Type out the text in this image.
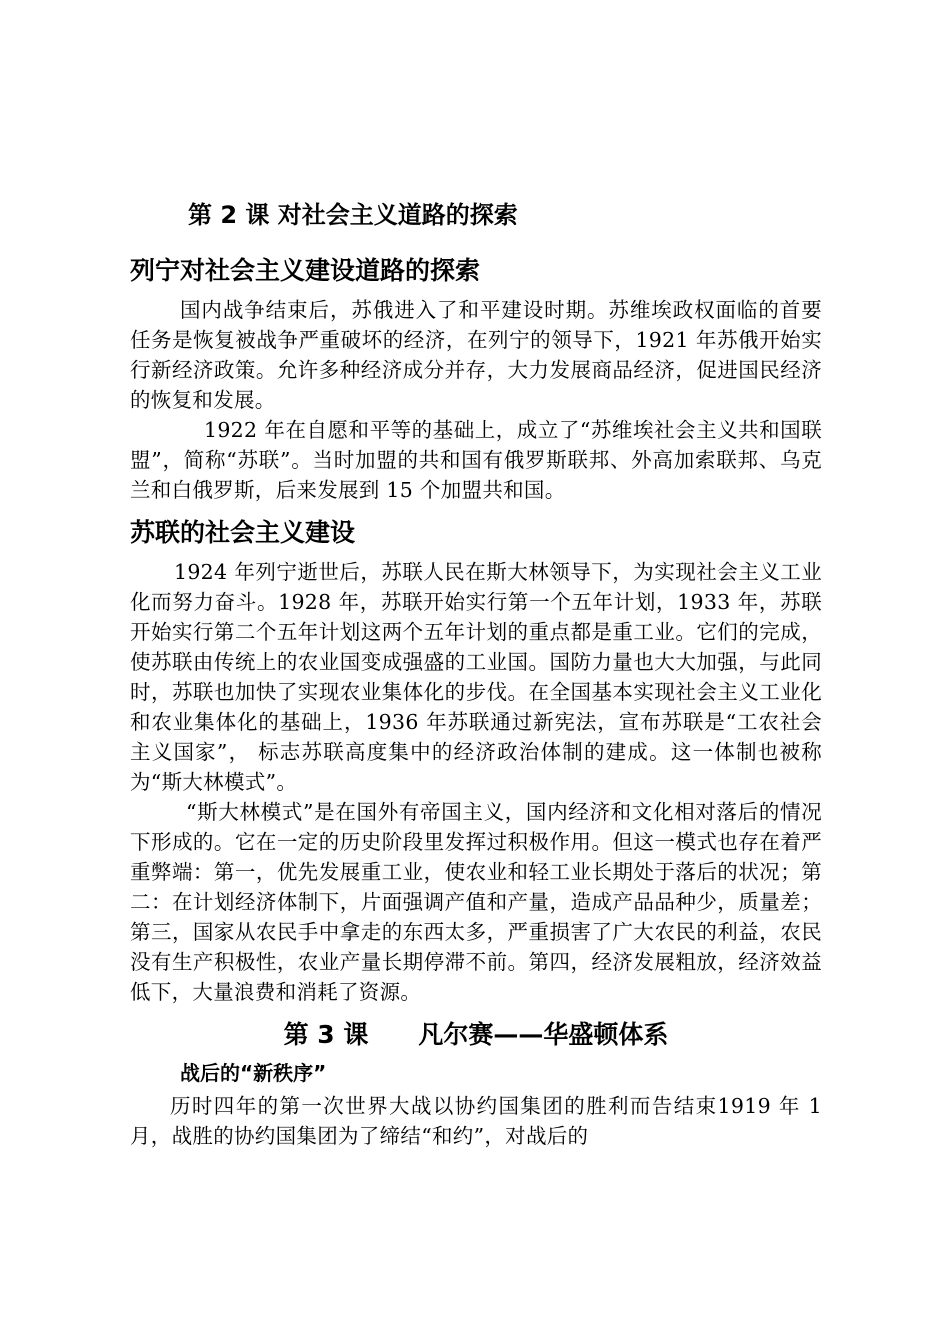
第 2 课 对社会主义道路的探索
列宁对社会主义建设道路的探索

国内战争结束后，苏俄进入了和平建设时期。苏维埃政权面临的首要任务是恢复被战争严重破坏的经济，在列宁的领导下，1921 年苏俄开始实行新经济政策。允许多种经济成分并存，大力发展商品经济，促进国民经济的恢复和发展。

1922 年在自愿和平等的基础上，成立了“苏维埃社会主义共和国联盟”，简称“苏联”。当时加盟的共和国有俄罗斯联邦、外高加索联邦、乌克兰和白俄罗斯，后来发展到 15 个加盟共和国。

苏联的社会主义建设

1924 年列宁逝世后，苏联人民在斯大林领导下，为实现社会主义工业化而努力奋斗。1928 年，苏联开始实行第一个五年计划，1933 年，苏联开始实行第二个五年计划这两个五年计划的重点都是重工业。它们的完成，使苏联由传统上的农业国变成强盛的工业国。国防力量也大大加强，与此同时，苏联也加快了实现农业集体化的步伐。在全国基本实现社会主义工业化和农业集体化的基础上，1936 年苏联通过新宪法，宣布苏联是“工农社会主义国家”， 标志苏联高度集中的经济政治体制的建成。这一体制也被称为“斯大林模式”。

“斯大林模式”是在国外有帝国主义，国内经济和文化相对落后的情况下形成的。它在一定的历史阶段里发挥过积极作用。但这一模式也存在着严重弊端：第一，优先发展重工业，使农业和轻工业长期处于落后的状况；第二：在计划经济体制下，片面强调产值和产量，造成产品品种少，质量差；第三，国家从农民手中拿走的东西太多，严重损害了广大农民的利益，农民没有生产积极性，农业产量长期停滞不前。第四，经济发展粗放，经济效益低下，大量浪费和消耗了资源。

第 3 课　　凡尔赛——华盛顿体系
战后的“新秩序”

历时四年的第一次世界大战以协约国集团的胜利而告结束1919 年 1 月，战胜的协约国集团为了缔结“和约”，对战后的
